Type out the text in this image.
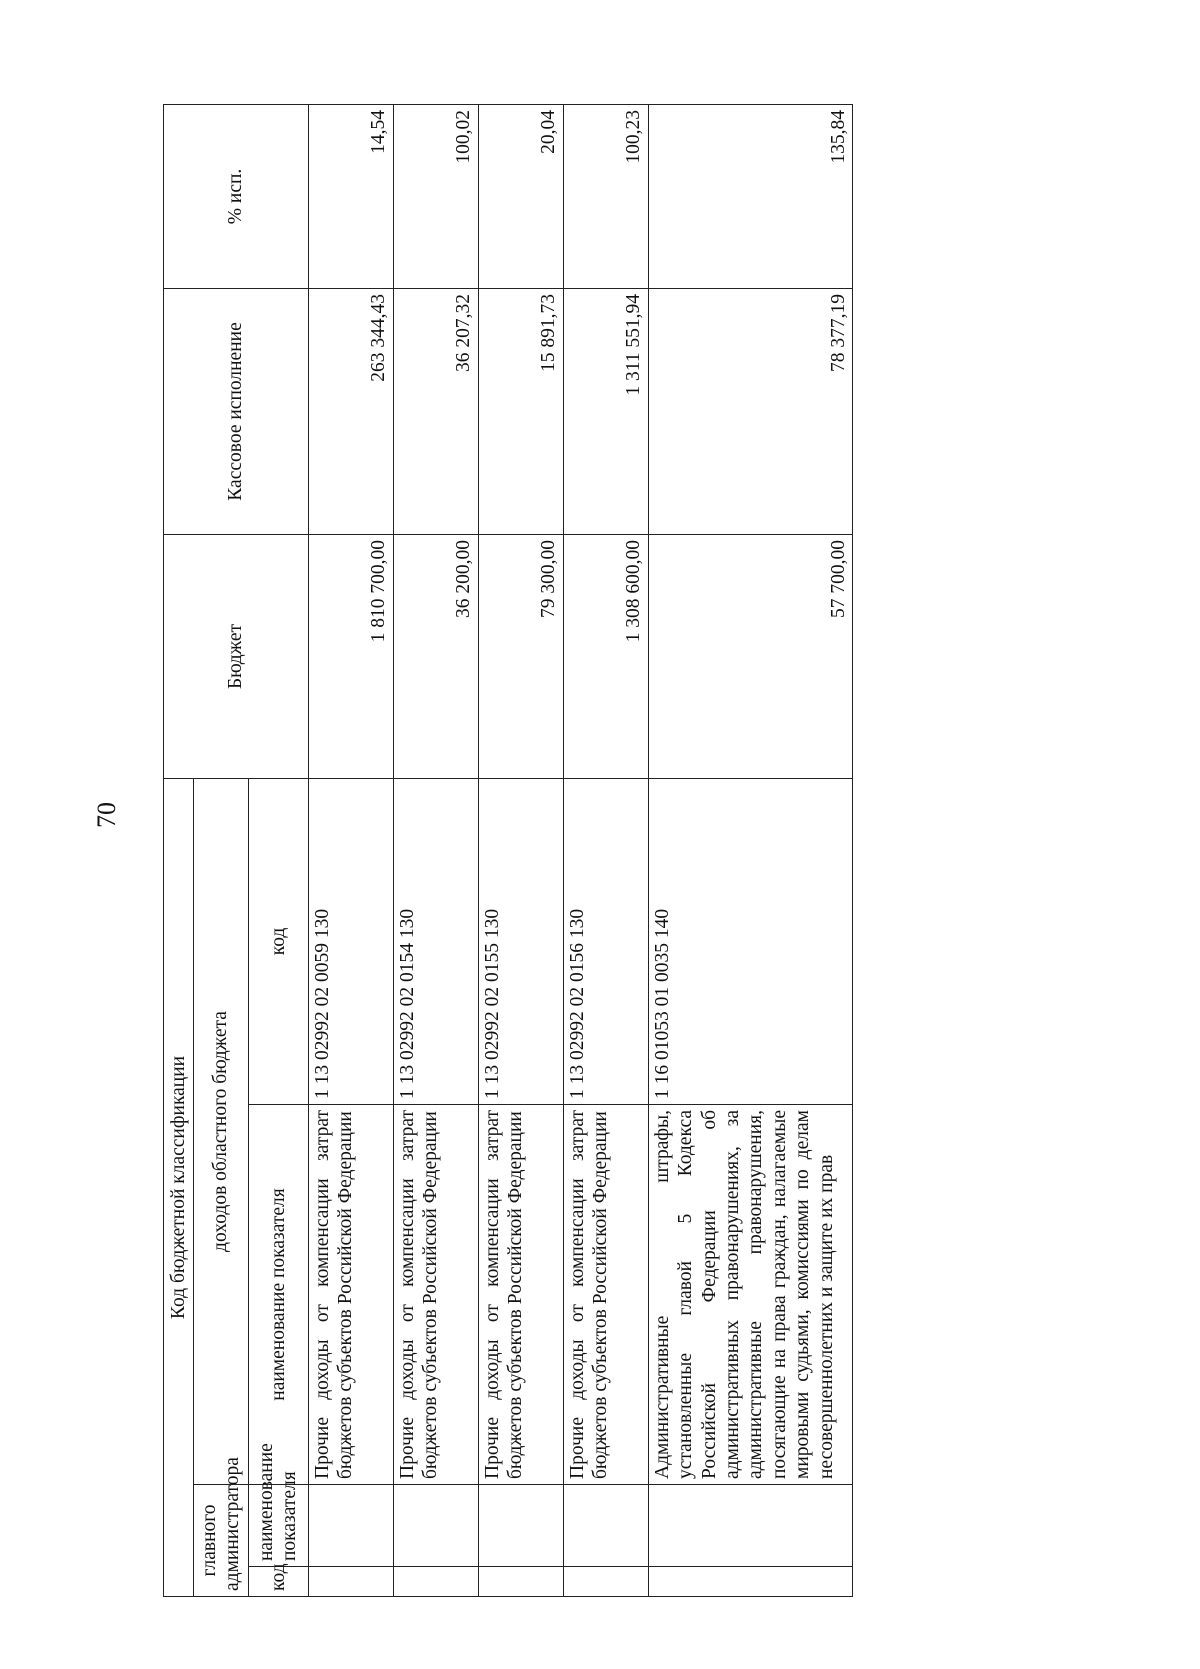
70
Код бюджетной классификации				Бюджет	Кассовое исполнение	% исп.
главного администратора		доходов областного бюджета				
код	наименование показателя	наименование показателя	код			
		Прочие доходы от компенсации затрат бюджетов субъектов Российской Федерации	1 13 02992 02 0059 130	1 810 700,00	263 344,43	14,54
		Прочие доходы от компенсации затрат бюджетов субъектов Российской Федерации	1 13 02992 02 0154 130	36 200,00	36 207,32	100,02
		Прочие доходы от компенсации затрат бюджетов субъектов Российской Федерации	1 13 02992 02 0155 130	79 300,00	15 891,73	20,04
		Прочие доходы от компенсации затрат бюджетов субъектов Российской Федерации	1 13 02992 02 0156 130	1 308 600,00	1 311 551,94	100,23
		Административные штрафы, установленные главой 5 Кодекса Российской Федерации об административных правонарушениях, за административные правонарушения, посягающие на права граждан, налагаемые мировыми судьями, комиссиями по делам несовершеннолетних и защите их прав	1 16 01053 01 0035 140	57 700,00	78 377,19	135,84
